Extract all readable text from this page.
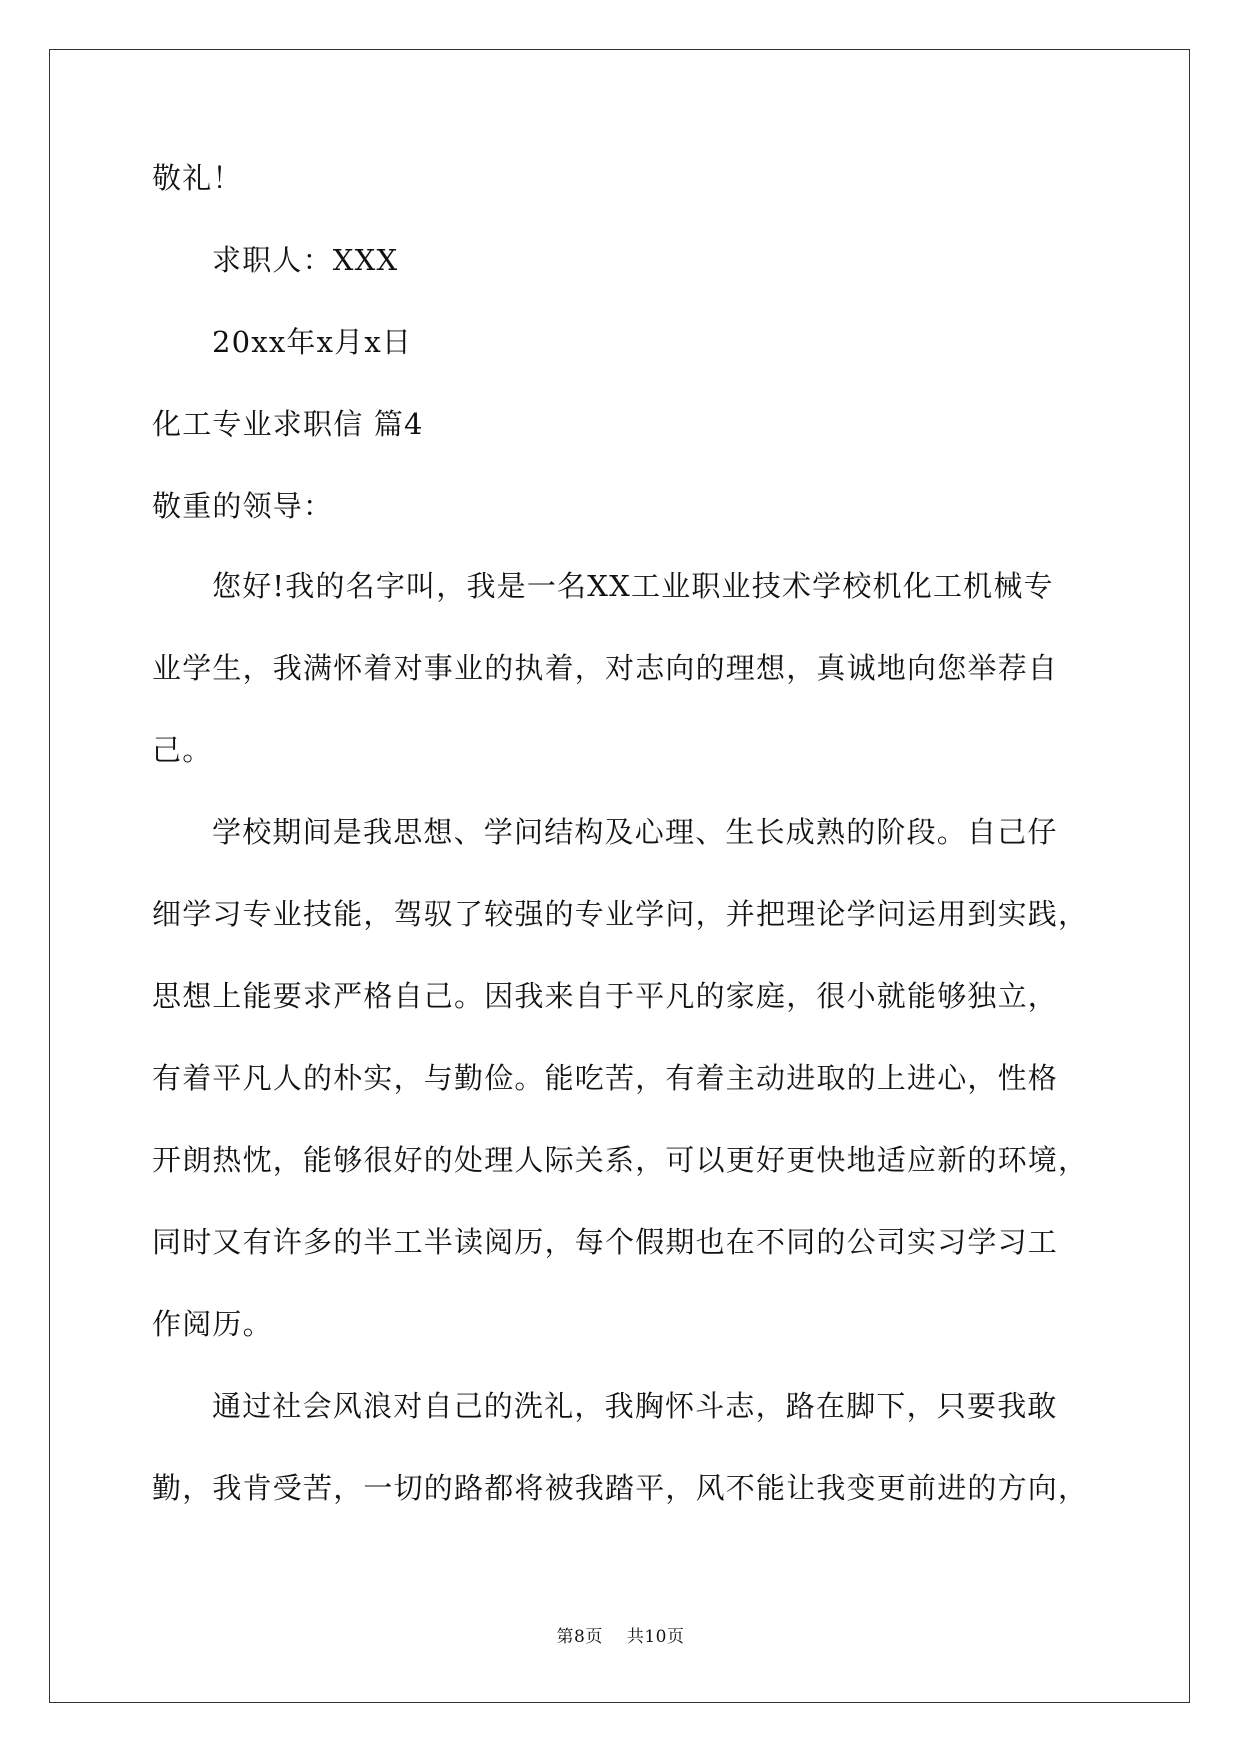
敬礼！
求职人：XXX
20xx年x月x日
化工专业求职信 篇4
敬重的领导：
您好!我的名字叫，我是一名XX工业职业技术学校机化工机械专
业学生，我满怀着对事业的执着，对志向的理想，真诚地向您举荐自
己。
学校期间是我思想、学问结构及心理、生长成熟的阶段。自己仔
细学习专业技能，驾驭了较强的专业学问，并把理论学问运用到实践，
思想上能要求严格自己。因我来自于平凡的家庭，很小就能够独立，
有着平凡人的朴实，与勤俭。能吃苦，有着主动进取的上进心，性格
开朗热忱，能够很好的处理人际关系，可以更好更快地适应新的环境，
同时又有许多的半工半读阅历，每个假期也在不同的公司实习学习工
作阅历。
通过社会风浪对自己的洗礼，我胸怀斗志，路在脚下，只要我敢
勤，我肯受苦，一切的路都将被我踏平，风不能让我变更前进的方向，
第8页 共10页
